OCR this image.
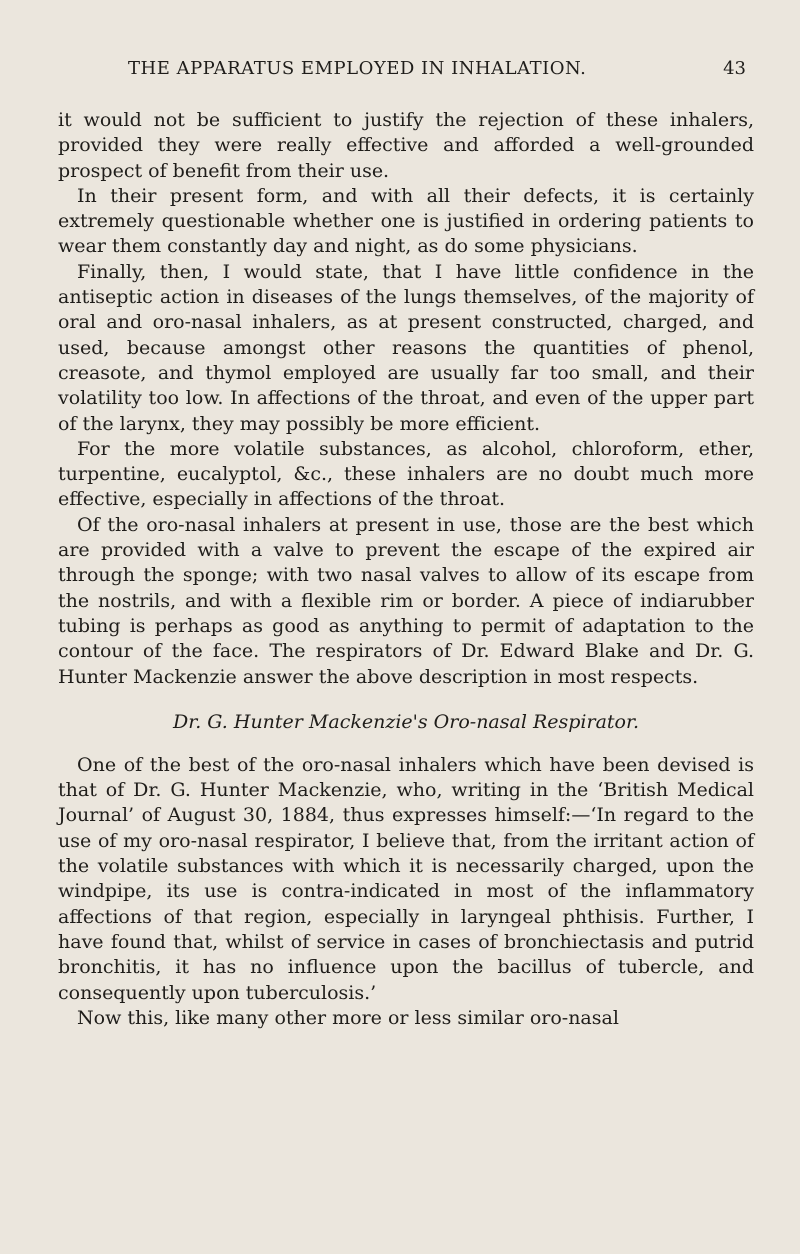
THE APPARATUS EMPLOYED IN INHALATION.	43

it would not be sufficient to justify the rejection of these inhalers, provided they were really effective and afforded a well-grounded prospect of benefit from their use.

In their present form, and with all their defects, it is certainly extremely questionable whether one is justified in ordering patients to wear them constantly day and night, as do some physicians.

Finally, then, I would state, that I have little confidence in the antiseptic action in diseases of the lungs themselves, of the majority of oral and oro-nasal inhalers, as at present constructed, charged, and used, because amongst other reasons the quantities of phenol, creasote, and thymol employed are usually far too small, and their volatility too low. In affections of the throat, and even of the upper part of the larynx, they may possibly be more efficient.

For the more volatile substances, as alcohol, chloroform, ether, turpentine, eucalyptol, &c., these inhalers are no doubt much more effective, especially in affections of the throat.

Of the oro-nasal inhalers at present in use, those are the best which are provided with a valve to prevent the escape of the expired air through the sponge; with two nasal valves to allow of its escape from the nostrils, and with a flexible rim or border. A piece of indiarubber tubing is perhaps as good as anything to permit of adaptation to the contour of the face. The respirators of Dr. Edward Blake and Dr. G. Hunter Mackenzie answer the above description in most respects.

Dr. G. Hunter Mackenzie's Oro-nasal Respirator.

One of the best of the oro-nasal inhalers which have been devised is that of Dr. G. Hunter Mackenzie, who, writing in the ‘British Medical Journal’ of August 30, 1884, thus expresses himself:—‘In regard to the use of my oro-nasal respirator, I believe that, from the irritant action of the volatile substances with which it is necessarily charged, upon the windpipe, its use is contra-indicated in most of the inflammatory affections of that region, especially in laryngeal phthisis. Further, I have found that, whilst of service in cases of bronchiectasis and putrid bronchitis, it has no influence upon the bacillus of tubercle, and consequently upon tuberculosis.’

Now this, like many other more or less similar oro-nasal
